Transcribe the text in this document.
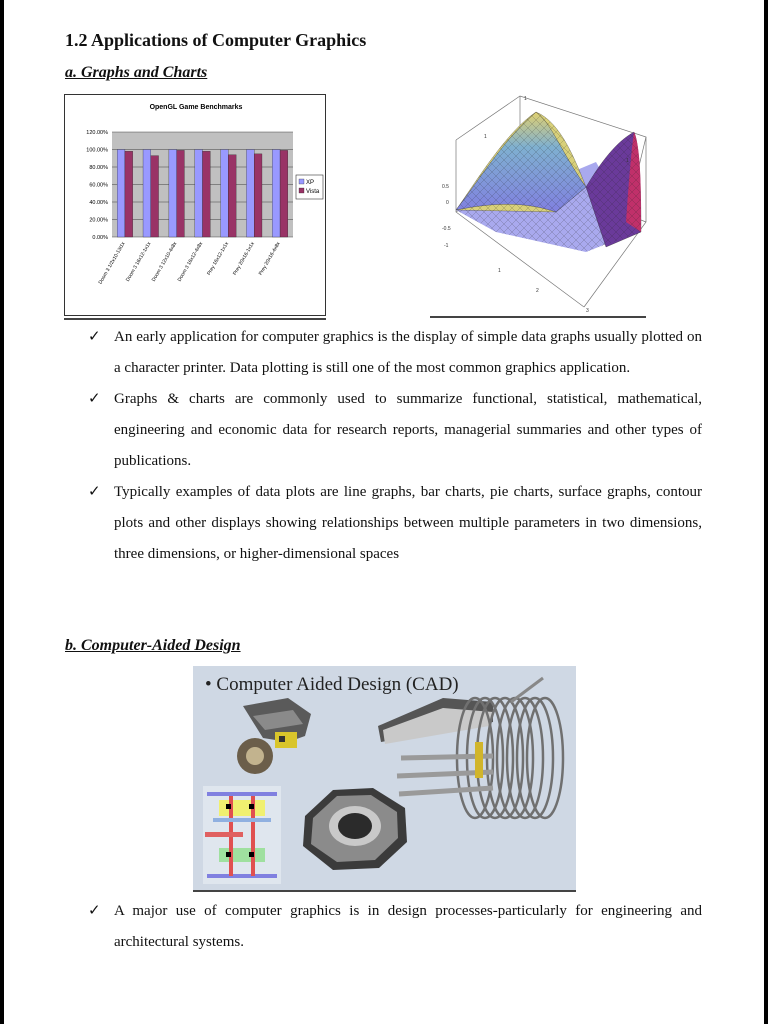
1.2 Applications of Computer Graphics

a. Graphs and Charts

OpenGL Game Benchmarks
0.00%
20.00%
40.00%
60.00%
80.00%
100.00%
120.00%
Doom 3 1/2x10-13t1x
Doom 3 16x12-1x1x
Doom 3 12x10-4x8x
Doom 3 16x12-4x8x Prey 16x12-1x1x Prey 20x16-1x1x Prey 20x16-4x8x
XP
Vista
1
1
0.5
0
-0.5
-1
1
2
3
1
✓ An early application for computer graphics is the display of simple data graphs usually plotted on a character printer. Data plotting is still one of the most common graphics application.
✓ Graphs & charts are commonly used to summarize functional, statistical, mathematical, engineering and economic data for research reports, managerial summaries and other types of publications.
✓ Typically examples of data plots are line graphs, bar charts, pie charts, surface graphs, contour plots and other displays showing relationships between multiple parameters in two dimensions, three dimensions, or higher-dimensional spaces

b. Computer-Aided Design

• Computer Aided Design (CAD)
✓ A major use of computer graphics is in design processes-particularly for engineering and architectural systems.
